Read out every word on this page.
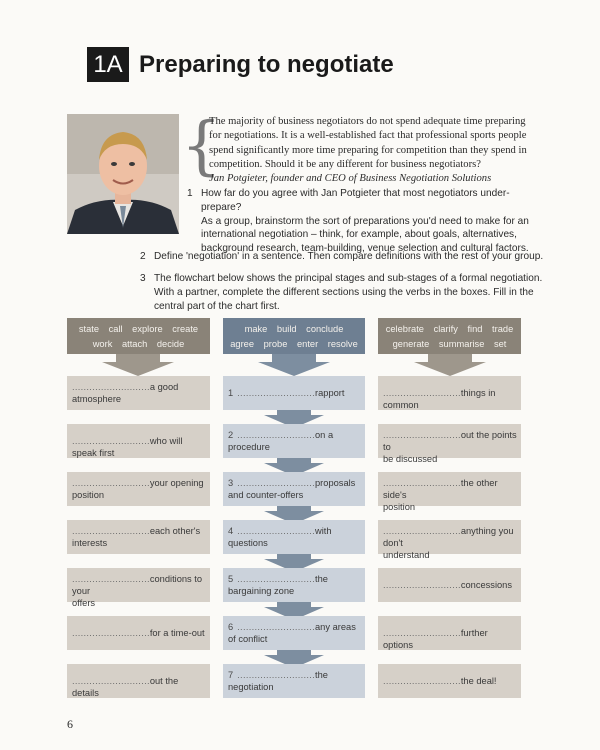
1A Preparing to negotiate
{
The majority of business negotiators do not spend adequate time preparing
for negotiations. It is a well-established fact that professional sports people
spend significantly more time preparing for competition than they spend in
competition. Should it be any different for business negotiators?
Jan Potgieter, founder and CEO of Business Negotiation Solutions
1 How far do you agree with Jan Potgieter that most negotiators under-prepare?
As a group, brainstorm the sort of preparations you'd need to make for an
international negotiation – think, for example, about goals, alternatives,
background research, team-building, venue selection and cultural factors.
2 Define 'negotiation' in a sentence. Then compare definitions with the rest of your group.
3 The flowchart below shows the principal stages and sub-stages of a formal negotiation.
With a partner, complete the different sections using the verbs in the boxes. Fill in the
central part of the chart first.
state call explore create
work attach decide
make build conclude
agree probe enter resolve
celebrate clarify find trade
generate summarise set
...........................a good
atmosphere
...........................who will speak first
...........................your opening
position
...........................each other's
interests
...........................conditions to your
offers
...........................for a time-out
...........................out the details
1 ...........................rapport
2 ...........................on a
procedure
3 ...........................proposals
and counter-offers
4 ...........................with
questions
5 ...........................the
bargaining zone
6 ...........................any areas
of conflict
7 ...........................the
negotiation
...........................things in common
...........................out the points to
be discussed
...........................the other side's
position
...........................anything you don't
understand
...........................concessions
...........................further options
...........................the deal!
6
